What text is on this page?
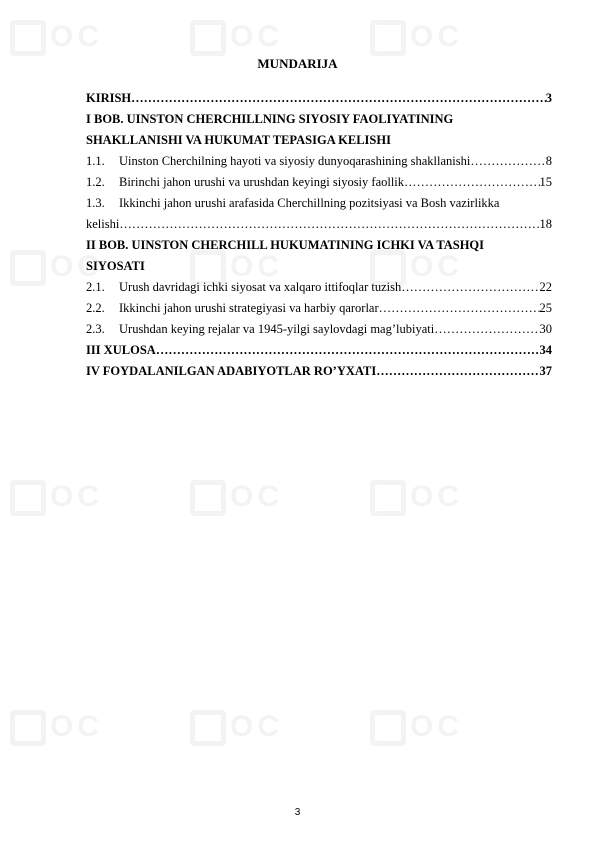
MUNDARIJA
KIRISH ……………………………………………………………………………………………………………………………………………………	3
I BOB. UINSTON CHERCHILLNING SIYOSIY FAOLIYATINING
SHAKLLANISHI VA HUKUMAT TEPASIGA KELISHI
1.1.	Uinston Cherchilning hayoti va siyosiy dunyoqarashining shakllanishi ……………………………………………………………………………………………………………………………………………………	8
1.2.	Birinchi jahon urushi va urushdan keyingi siyosiy faollik ……………………………………………………………………………………………………………………………………………………	15
1.3. Ikkinchi jahon urushi arafasida Cherchillning pozitsiyasi va Bosh vazirlikka
kelishi ……………………………………………………………………………………………………………………………………………………	18
II BOB. UINSTON CHERCHILL HUKUMATINING ICHKI VA TASHQI
SIYOSATI
2.1.	Urush davridagi ichki siyosat va xalqaro ittifoqlar tuzish ……………………………………………………………………………………………………………………………………………………	22
2.2.	Ikkinchi jahon urushi strategiyasi va harbiy qarorlar ……………………………………………………………………………………………………………………………………………………	25
2.3.	Urushdan keying rejalar va 1945-yilgi saylovdagi mag’lubiyati ……………………………………………………………………………………………………………………………………………………	30
III XULOSA ……………………………………………………………………………………………………………………………………………………	34
IV FOYDALANILGAN ADABIYOTLAR RO’YXATI ……………………………………………………………………………………………………………………………………………………	37
3
